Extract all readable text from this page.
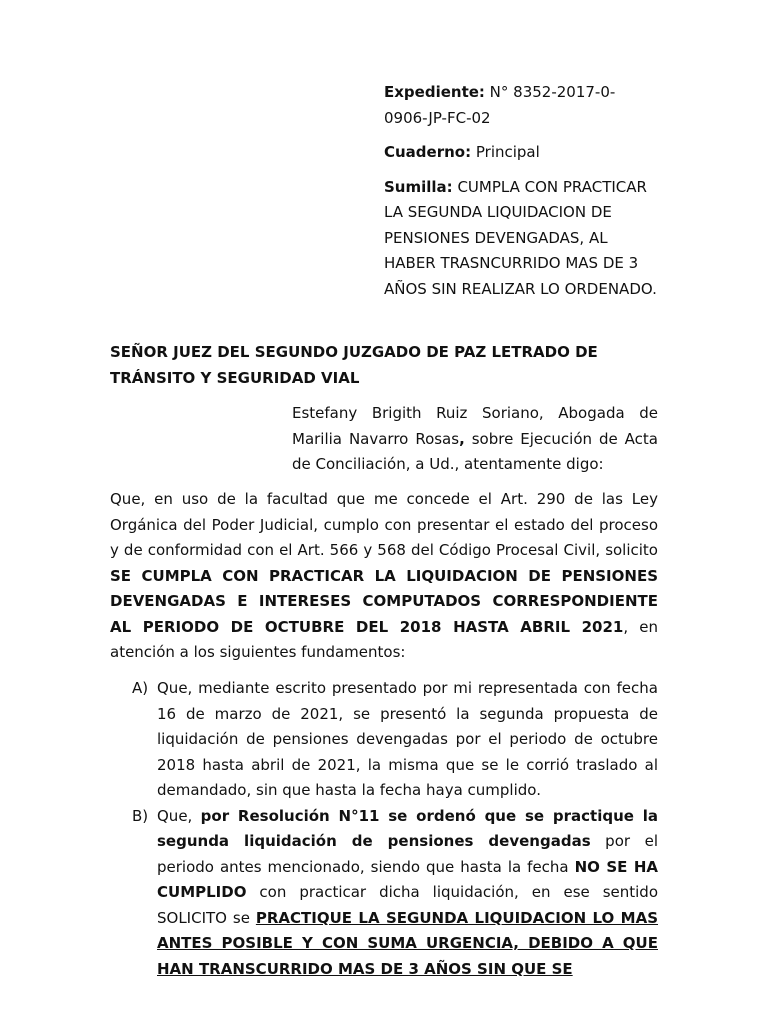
Expediente: N° 8352-2017-0-0906-JP-FC-02

Cuaderno: Principal

Sumilla: CUMPLA CON PRACTICAR LA SEGUNDA LIQUIDACION DE PENSIONES DEVENGADAS, AL HABER TRASNCURRIDO MAS DE 3 AÑOS SIN REALIZAR LO ORDENADO.

SEÑOR JUEZ DEL SEGUNDO JUZGADO DE PAZ LETRADO DE TRÁNSITO Y SEGURIDAD VIAL

Estefany Brigith Ruiz Soriano, Abogada de Marilia Navarro Rosas, sobre Ejecución de Acta de Conciliación, a Ud., atentamente digo:

Que, en uso de la facultad que me concede el Art. 290 de las Ley Orgánica del Poder Judicial, cumplo con presentar el estado del proceso y de conformidad con el Art. 566 y 568 del Código Procesal Civil, solicito SE CUMPLA CON PRACTICAR LA LIQUIDACION DE PENSIONES DEVENGADAS E INTERESES COMPUTADOS CORRESPONDIENTE AL PERIODO DE OCTUBRE DEL 2018 HASTA ABRIL 2021, en atención a los siguientes fundamentos:

A) Que, mediante escrito presentado por mi representada con fecha 16 de marzo de 2021, se presentó la segunda propuesta de liquidación de pensiones devengadas por el periodo de octubre 2018 hasta abril de 2021, la misma que se le corrió traslado al demandado, sin que hasta la fecha haya cumplido.
B) Que, por Resolución N°11 se ordenó que se practique la segunda liquidación de pensiones devengadas por el periodo antes mencionado, siendo que hasta la fecha NO SE HA CUMPLIDO con practicar dicha liquidación, en ese sentido SOLICITO se PRACTIQUE LA SEGUNDA LIQUIDACION LO MAS ANTES POSIBLE Y CON SUMA URGENCIA, DEBIDO A QUE HAN TRANSCURRIDO MAS DE 3 AÑOS SIN QUE SE
